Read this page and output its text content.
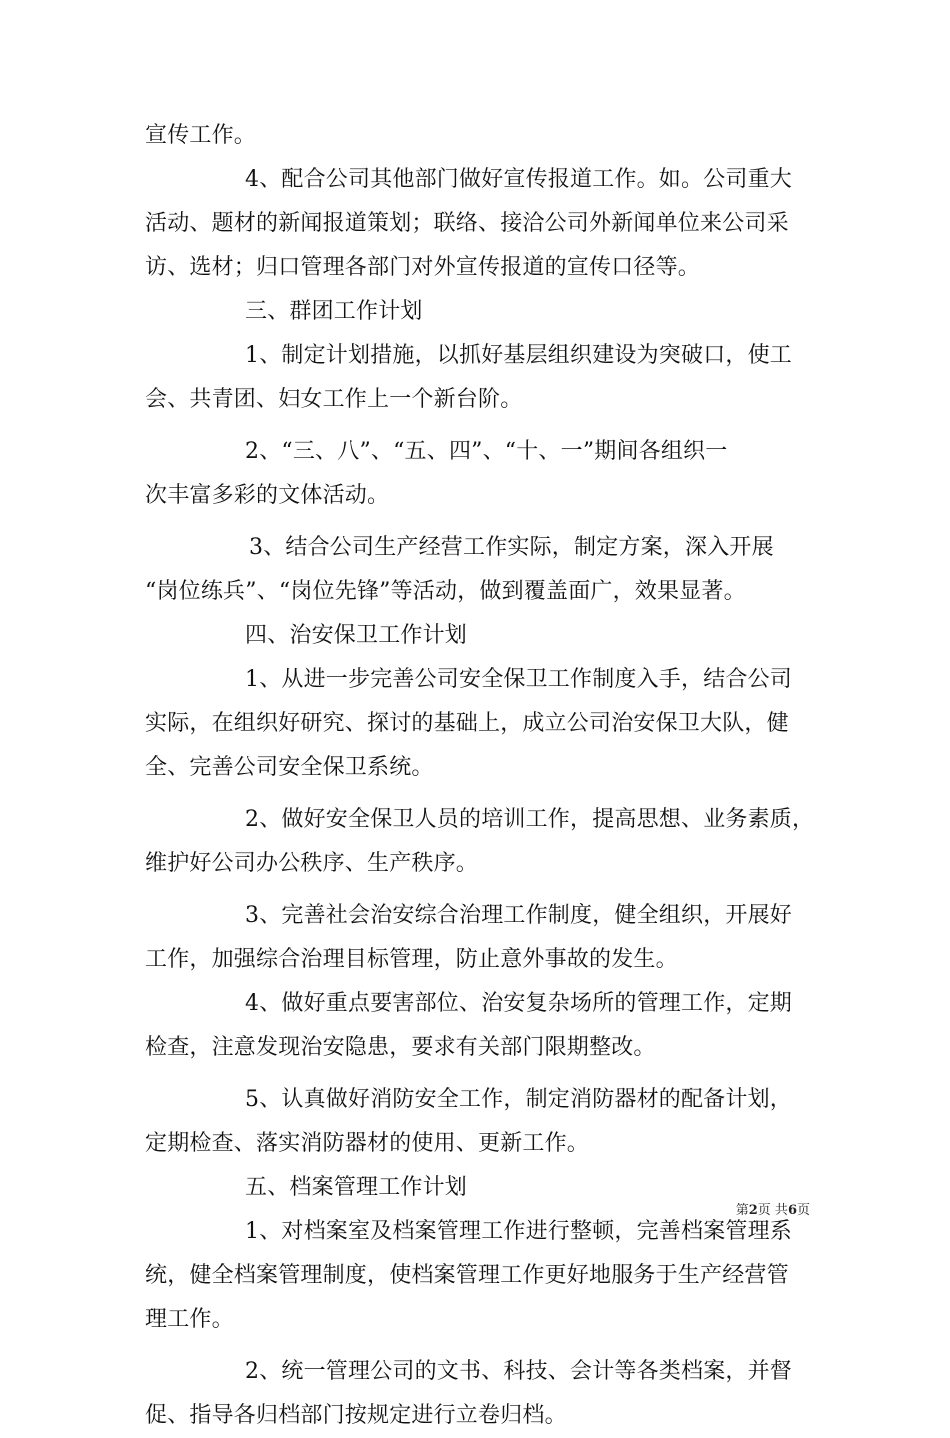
宣传工作。
4、配合公司其他部门做好宣传报道工作。如。公司重大
活动、题材的新闻报道策划；联络、接洽公司外新闻单位来公司采
访、选材；归口管理各部门对外宣传报道的宣传口径等。
三、群团工作计划
1、制定计划措施，以抓好基层组织建设为突破口，使工
会、共青团、妇女工作上一个新台阶。
2、“三、八”、“五、四”、“十、一”期间各组织一
次丰富多彩的文体活动。
3、结合公司生产经营工作实际，制定方案，深入开展
“岗位练兵”、“岗位先锋”等活动，做到覆盖面广，效果显著。
四、治安保卫工作计划
1、从进一步完善公司安全保卫工作制度入手，结合公司
实际，在组织好研究、探讨的基础上，成立公司治安保卫大队，健
全、完善公司安全保卫系统。
2、做好安全保卫人员的培训工作，提高思想、业务素质，
维护好公司办公秩序、生产秩序。
3、完善社会治安综合治理工作制度，健全组织，开展好
工作，加强综合治理目标管理，防止意外事故的发生。
4、做好重点要害部位、治安复杂场所的管理工作，定期
检查，注意发现治安隐患，要求有关部门限期整改。
5、认真做好消防安全工作，制定消防器材的配备计划，
定期检查、落实消防器材的使用、更新工作。
五、档案管理工作计划
1、对档案室及档案管理工作进行整顿，完善档案管理系
统，健全档案管理制度，使档案管理工作更好地服务于生产经营管
理工作。
2、统一管理公司的文书、科技、会计等各类档案，并督
促、指导各归档部门按规定进行立卷归档。
第2页 共6页
